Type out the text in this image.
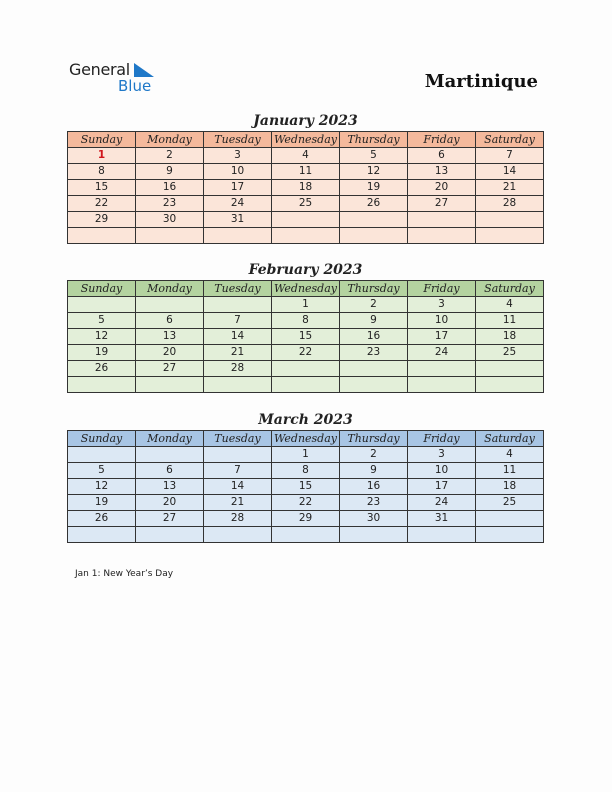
General
Blue	Martinique
January 2023
Sunday	Monday	Tuesday	Wednesday	Thursday	Friday	Saturday
1	2	3	4	5	6	7
8	9	10	11	12	13	14
15	16	17	18	19	20	21
22	23	24	25	26	27	28
29	30	31				

February 2023
Sunday	Monday	Tuesday	Wednesday	Thursday	Friday	Saturday
			1	2	3	4
5	6	7	8	9	10	11
12	13	14	15	16	17	18
19	20	21	22	23	24	25
26	27	28				

March 2023
Sunday	Monday	Tuesday	Wednesday	Thursday	Friday	Saturday
			1	2	3	4
5	6	7	8	9	10	11
12	13	14	15	16	17	18
19	20	21	22	23	24	25
26	27	28	29	30	31	

Jan 1: New Year’s Day
